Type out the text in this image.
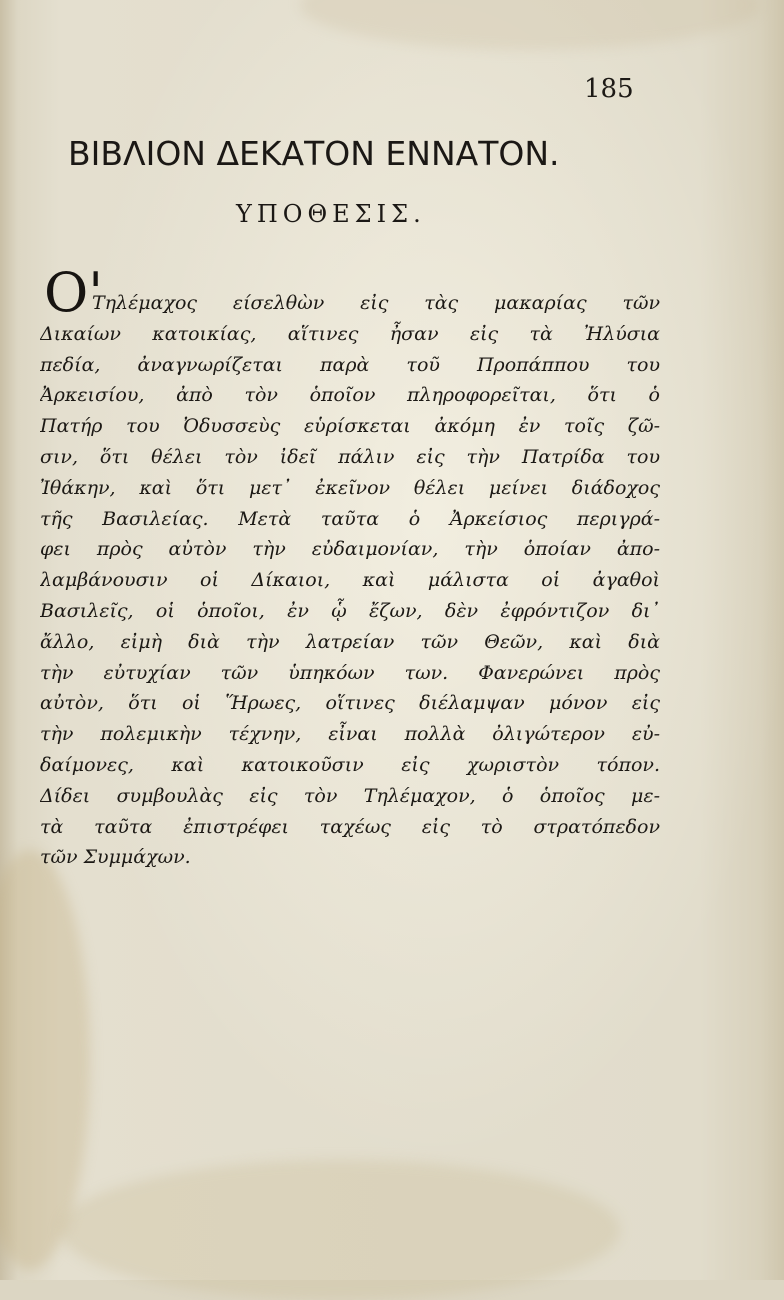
185
ΒΙΒΛΙΟΝ ΔΕΚΑΤΟΝ ΕΝΝΑΤΟΝ.
ΥΠΟΘΕΣΙΣ.
Ο'
Τηλέμαχος είσελθὼν εἰς τὰς μακαρίας τῶν
Δικαίων κατοικίας, αἵτινες ἦσαν εἰς τὰ Ἠλύσια
πεδία, ἀναγνωρίζεται παρὰ τοῦ Προπάππου του
Ἀρκεισίου, ἀπὸ τὸν ὁποῖον πληροφορεῖται, ὅτι ὁ
Πατήρ του Ὀδυσσεὺς εὑρίσκεται ἀκόμη ἐν τοῖς ζῶ-
σιν, ὅτι θέλει τὸν ἰδεῖ πάλιν εἰς τὴν Πατρίδα του
Ἰθάκην, καὶ ὅτι μετ᾽ ἐκεῖνον θέλει μείνει διάδοχος
τῆς Βασιλείας. Μετὰ ταῦτα ὁ Ἀρκείσιος περιγρά-
φει πρὸς αὐτὸν τὴν εὐδαιμονίαν, τὴν ὁποίαν ἀπο-
λαμβάνουσιν οἱ Δίκαιοι, καὶ μάλιστα οἱ ἀγαθοὶ
Βασιλεῖς, οἱ ὁποῖοι, ἐν ᾧ ἔζων, δὲν ἐφρόντιζον δι᾽
ἄλλο, εἰμὴ διὰ τὴν λατρείαν τῶν Θεῶν, καὶ διὰ
τὴν εὐτυχίαν τῶν ὑπηκόων των. Φανερώνει πρὸς
αὐτὸν, ὅτι οἱ Ἥρωες, οἵτινες διέλαμψαν μόνον εἰς
τὴν πολεμικὴν τέχνην, εἶναι πολλὰ ὀλιγώτερον εὐ-
δαίμονες, καὶ κατοικοῦσιν εἰς χωριστὸν τόπον.
Δίδει συμβουλὰς εἰς τὸν Τηλέμαχον, ὁ ὁποῖος με-
τὰ ταῦτα ἐπιστρέφει ταχέως εἰς τὸ στρατόπεδον
τῶν Συμμάχων.
